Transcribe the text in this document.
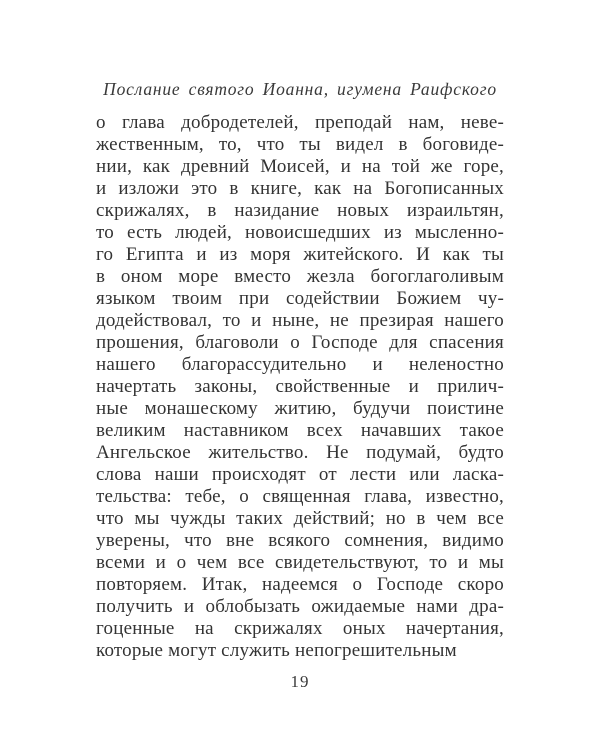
Послание святого Иоанна, игумена Раифского
о глава добродетелей, преподай нам, неве-
жественным, то, что ты видел в боговиде-
нии, как древний Моисей, и на той же горе,
и изложи это в книге, как на Богописанных
скрижалях, в назидание новых израильтян,
то есть людей, новоисшедших из мысленно-
го Египта и из моря житейского. И как ты
в оном море вместо жезла богоглаголивым
языком твоим при содействии Божием чу-
додействовал, то и ныне, не презирая нашего
прошения, благоволи о Господе для спасения
нашего благорассудительно и неленостно
начертать законы, свойственные и прилич-
ные монашескому житию, будучи поистине
великим наставником всех начавших такое
Ангельское жительство. Не подумай, будто
слова наши происходят от лести или ласка-
тельства: тебе, о священная глава, известно,
что мы чужды таких действий; но в чем все
уверены, что вне всякого сомнения, видимо
всеми и о чем все свидетельствуют, то и мы
повторяем. Итак, надеемся о Господе скоро
получить и облобызать ожидаемые нами дра-
гоценные на скрижалях оных начертания,
которые могут служить непогрешительным
19
